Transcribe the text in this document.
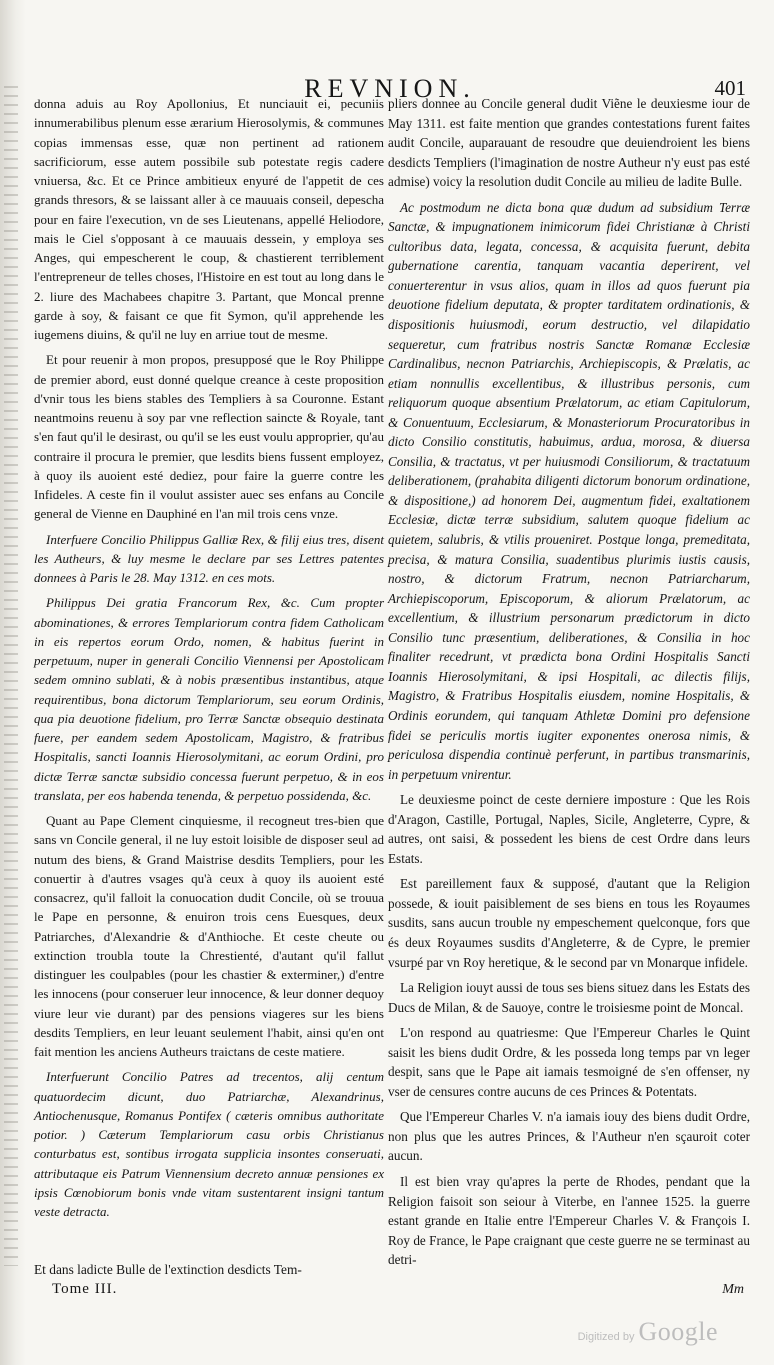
REVNION.	401

donna aduis au Roy Apollonius, Et nunciauit ei, pecuniis innumerabilibus plenum esse ærarium Hierosolymis, & communes copias immensas esse, quæ non pertinent ad rationem sacrificiorum, esse autem possibile sub potestate regis cadere vniuersa, &c. Et ce Prince ambitieux enyuré de l'appetit de ces grands thresors, & se laissant aller à ce mauuais conseil, depescha pour en faire l'execution, vn de ses Lieutenans, appellé Heliodore, mais le Ciel s'opposant à ce mauuais dessein, y employa ses Anges, qui empescherent le coup, & chastierent terriblement l'entrepreneur de telles choses, l'Histoire en est tout au long dans le 2. liure des Machabees chapitre 3. Partant, que Moncal prenne garde à soy, & faisant ce que fit Symon, qu'il apprehende les iugemens diuins, & qu'il ne luy en arriue tout de mesme.

Et pour reuenir à mon propos, presupposé que le Roy Philippe de premier abord, eust donné quelque creance à ceste proposition d'vnir tous les biens stables des Templiers à sa Couronne. Estant neantmoins reuenu à soy par vne reflection saincte & Royale, tant s'en faut qu'il le desirast, ou qu'il se les eust voulu approprier, qu'au contraire il procura le premier, que lesdits biens fussent employez, à quoy ils auoient esté dediez, pour faire la guerre contre les Infideles. A ceste fin il voulut assister auec ses enfans au Concile general de Vienne en Dauphiné en l'an mil trois cens vnze.

Interfuere Concilio Philippus Galliæ Rex, & filij eius tres, disent les Autheurs, & luy mesme le declare par ses Lettres patentes donnees à Paris le 28. May 1312. en ces mots.

Philippus Dei gratia Francorum Rex, &c. Cum propter abominationes, & errores Templariorum contra fidem Catholicam in eis repertos eorum Ordo, nomen, & habitus fuerint in perpetuum, nuper in generali Concilio Viennensi per Apostolicam sedem omnino sublati, & à nobis præsentibus instantibus, atque requirentibus, bona dictorum Templariorum, seu eorum Ordinis, qua pia deuotione fidelium, pro Terræ Sanctæ obsequio destinata fuere, per eandem sedem Apostolicam, Magistro, & fratribus Hospitalis, sancti Ioannis Hierosolymitani, ac eorum Ordini, pro dictæ Terræ sanctæ subsidio concessa fuerunt perpetuo, & in eos translata, per eos habenda tenenda, & perpetuo possidenda, &c.

Quant au Pape Clement cinquiesme, il recogneut tres-bien que sans vn Concile general, il ne luy estoit loisible de disposer seul ad nutum des biens, & Grand Maistrise desdits Templiers, pour les conuertir à d'autres vsages qu'à ceux à quoy ils auoient esté consacrez, qu'il falloit la conuocation dudit Concile, où se trouua le Pape en personne, & enuiron trois cens Euesques, deux Patriarches, d'Alexandrie & d'Anthioche. Et ceste cheute ou extinction troubla toute la Chrestienté, d'autant qu'il fallut distinguer les coulpables (pour les chastier & exterminer,) d'entre les innocens (pour conseruer leur innocence, & leur donner dequoy viure leur vie durant) par des pensions viageres sur les biens desdits Templiers, en leur leuant seulement l'habit, ainsi qu'en ont fait mention les anciens Autheurs traictans de ceste matiere.

Interfuerunt Concilio Patres ad trecentos, alij centum quatuordecim dicunt, duo Patriarchæ, Alexandrinus, Antiochenusque, Romanus Pontifex ( cæteris omnibus authoritate potior. ) Cæterum Templariorum casu orbis Christianus conturbatus est, sontibus irrogata supplicia insontes conseruati, attributaque eis Patrum Viennensium decreto annuæ pensiones ex ipsis Cœnobiorum bonis vnde vitam sustentarent insigni tantum veste detracta.

Et dans ladicte Bulle de l'extinction desdicts Tem-
Tome III.

pliers donnee au Concile general dudit Viẽne le deuxiesme iour de May 1311. est faite mention que grandes contestations furent faites audit Concile, auparauant de resoudre que deuiendroient les biens desdicts Templiers (l'imagination de nostre Autheur n'y eust pas esté admise) voicy la resolution dudit Concile au milieu de ladite Bulle.

Ac postmodum ne dicta bona quæ dudum ad subsidium Terræ Sanctæ, & impugnationem inimicorum fidei Christianæ à Christi cultoribus data, legata, concessa, & acquisita fuerunt, debita gubernatione carentia, tanquam vacantia deperirent, vel conuerterentur in vsus alios, quam in illos ad quos fuerunt pia deuotione fidelium deputata, & propter tarditatem ordinationis, & dispositionis huiusmodi, eorum destructio, vel dilapidatio sequeretur, cum fratribus nostris Sanctæ Romanæ Ecclesiæ Cardinalibus, necnon Patriarchis, Archiepiscopis, & Prælatis, ac etiam nonnullis excellentibus, & illustribus personis, cum reliquorum quoque absentium Prælatorum, ac etiam Capitulorum, & Conuentuum, Ecclesiarum, & Monasteriorum Procuratoribus in dicto Consilio constitutis, habuimus, ardua, morosa, & diuersa Consilia, & tractatus, vt per huiusmodi Consiliorum, & tractatuum deliberationem, (prahabita diligenti dictorum bonorum ordinatione, & dispositione,) ad honorem Dei, augmentum fidei, exaltationem Ecclesiæ, dictæ terræ subsidium, salutem quoque fidelium ac quietem, salubris, & vtilis proueniret. Postque longa, premeditata, precisa, & matura Consilia, suadentibus plurimis iustis causis, nostro, & dictorum Fratrum, necnon Patriarcharum, Archiepiscoporum, Episcoporum, & aliorum Prælatorum, ac excellentium, & illustrium personarum prædictorum in dicto Consilio tunc præsentium, deliberationes, & Consilia in hoc finaliter recedrunt, vt prædicta bona Ordini Hospitalis Sancti Ioannis Hierosolymitani, & ipsi Hospitali, ac dilectis filijs, Magistro, & Fratribus Hospitalis eiusdem, nomine Hospitalis, & Ordinis eorundem, qui tanquam Athletæ Domini pro defensione fidei se periculis mortis iugiter exponentes onerosa nimis, & periculosa dispendia continuè perferunt, in partibus transmarinis, in perpetuum vnirentur.

Le deuxiesme poinct de ceste derniere imposture : Que les Rois d'Aragon, Castille, Portugal, Naples, Sicile, Angleterre, Cypre, & autres, ont saisi, & possedent les biens de cest Ordre dans leurs Estats.

Est pareillement faux & supposé, d'autant que la Religion possede, & iouit paisiblement de ses biens en tous les Royaumes susdits, sans aucun trouble ny empeschement quelconque, fors que és deux Royaumes susdits d'Angleterre, & de Cypre, le premier vsurpé par vn Roy heretique, & le second par vn Monarque infidele.

La Religion iouyt aussi de tous ses biens situez dans les Estats des Ducs de Milan, & de Sauoye, contre le troisiesme point de Moncal.

L'on respond au quatriesme: Que l'Empereur Charles le Quint saisit les biens dudit Ordre, & les posseda long temps par vn leger despit, sans que le Pape ait iamais tesmoigné de s'en offenser, ny vser de censures contre aucuns de ces Princes & Potentats.

Que l'Empereur Charles V. n'a iamais iouy des biens dudit Ordre, non plus que les autres Princes, & l'Autheur n'en sçauroit coter aucun.

Il est bien vray qu'apres la perte de Rhodes, pendant que la Religion faisoit son seiour à Viterbe, en l'annee 1525. la guerre estant grande en Italie entre l'Empereur Charles V. & François I. Roy de France, le Pape craignant que ceste guerre ne se terminast au detri-

Mm
Digitized by Google
